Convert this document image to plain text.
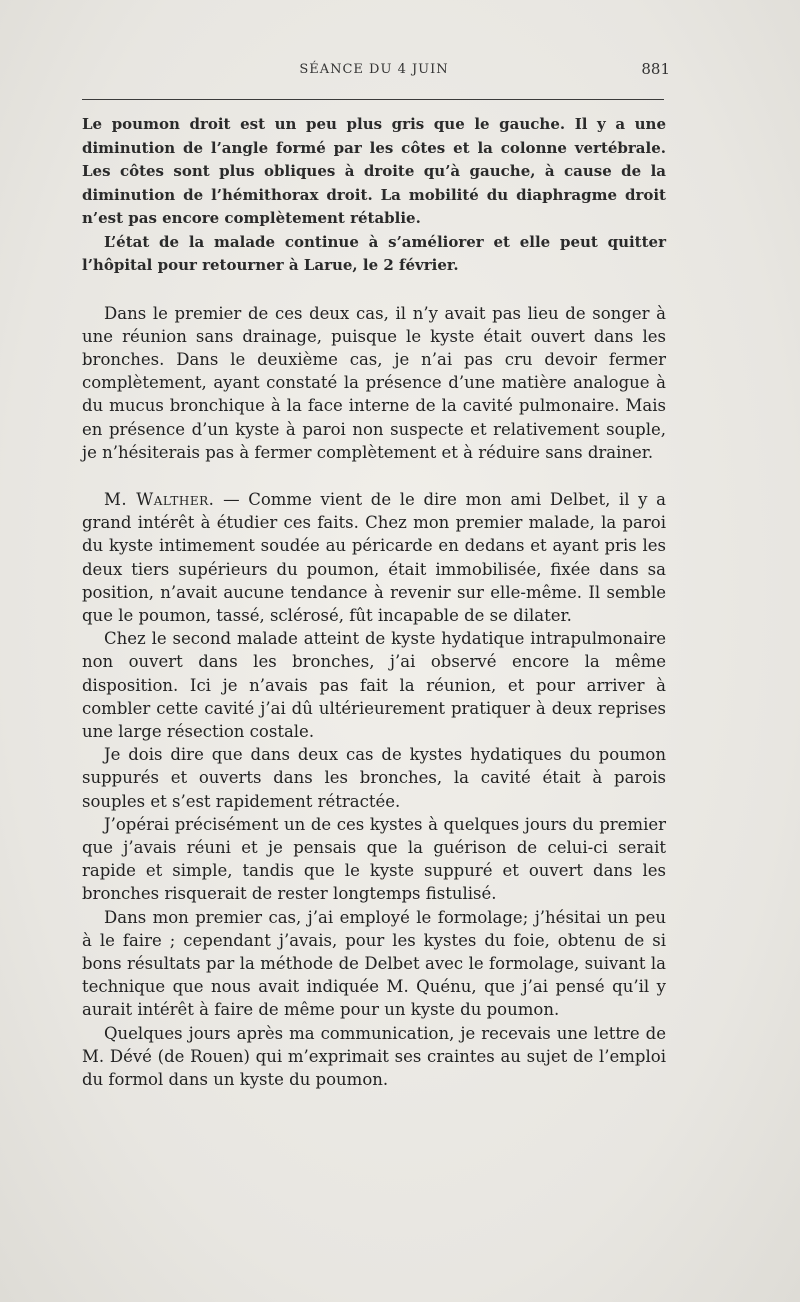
SÉANCE DU 4 JUIN	881

Le poumon droit est un peu plus gris que le gauche. Il y a une diminution de l’angle formé par les côtes et la colonne vertébrale. Les côtes sont plus obliques à droite qu’à gauche, à cause de la diminution de l’hémithorax droit. La mobilité du diaphragme droit n’est pas encore complètement rétablie.

L’état de la malade continue à s’améliorer et elle peut quitter l’hôpital pour retourner à Larue, le 2 février.

Dans le premier de ces deux cas, il n’y avait pas lieu de songer à une réunion sans drainage, puisque le kyste était ouvert dans les bronches. Dans le deuxième cas, je n’ai pas cru devoir fermer complètement, ayant constaté la présence d’une matière analogue à du mucus bronchique à la face interne de la cavité pulmonaire. Mais en présence d’un kyste à paroi non suspecte et relativement souple, je n’hésiterais pas à fermer complètement et à réduire sans drainer.

M. Walther. — Comme vient de le dire mon ami Delbet, il y a grand intérêt à étudier ces faits. Chez mon premier malade, la paroi du kyste intimement soudée au péricarde en dedans et ayant pris les deux tiers supérieurs du poumon, était immobilisée, fixée dans sa position, n’avait aucune tendance à revenir sur elle-même. Il semble que le poumon, tassé, sclérosé, fût incapable de se dilater.

Chez le second malade atteint de kyste hydatique intrapulmonaire non ouvert dans les bronches, j’ai observé encore la même disposition. Ici je n’avais pas fait la réunion, et pour arriver à combler cette cavité j’ai dû ultérieurement pratiquer à deux reprises une large résection costale.

Je dois dire que dans deux cas de kystes hydatiques du poumon suppurés et ouverts dans les bronches, la cavité était à parois souples et s’est rapidement rétractée.

J’opérai précisément un de ces kystes à quelques jours du premier que j’avais réuni et je pensais que la guérison de celui-ci serait rapide et simple, tandis que le kyste suppuré et ouvert dans les bronches risquerait de rester longtemps fistulisé.

Dans mon premier cas, j’ai employé le formolage; j’hésitai un peu à le faire ; cependant j’avais, pour les kystes du foie, obtenu de si bons résultats par la méthode de Delbet avec le formolage, suivant la technique que nous avait indiquée M. Quénu, que j’ai pensé qu’il y aurait intérêt à faire de même pour un kyste du poumon.

Quelques jours après ma communication, je recevais une lettre de M. Dévé (de Rouen) qui m’exprimait ses craintes au sujet de l’emploi du formol dans un kyste du poumon.
